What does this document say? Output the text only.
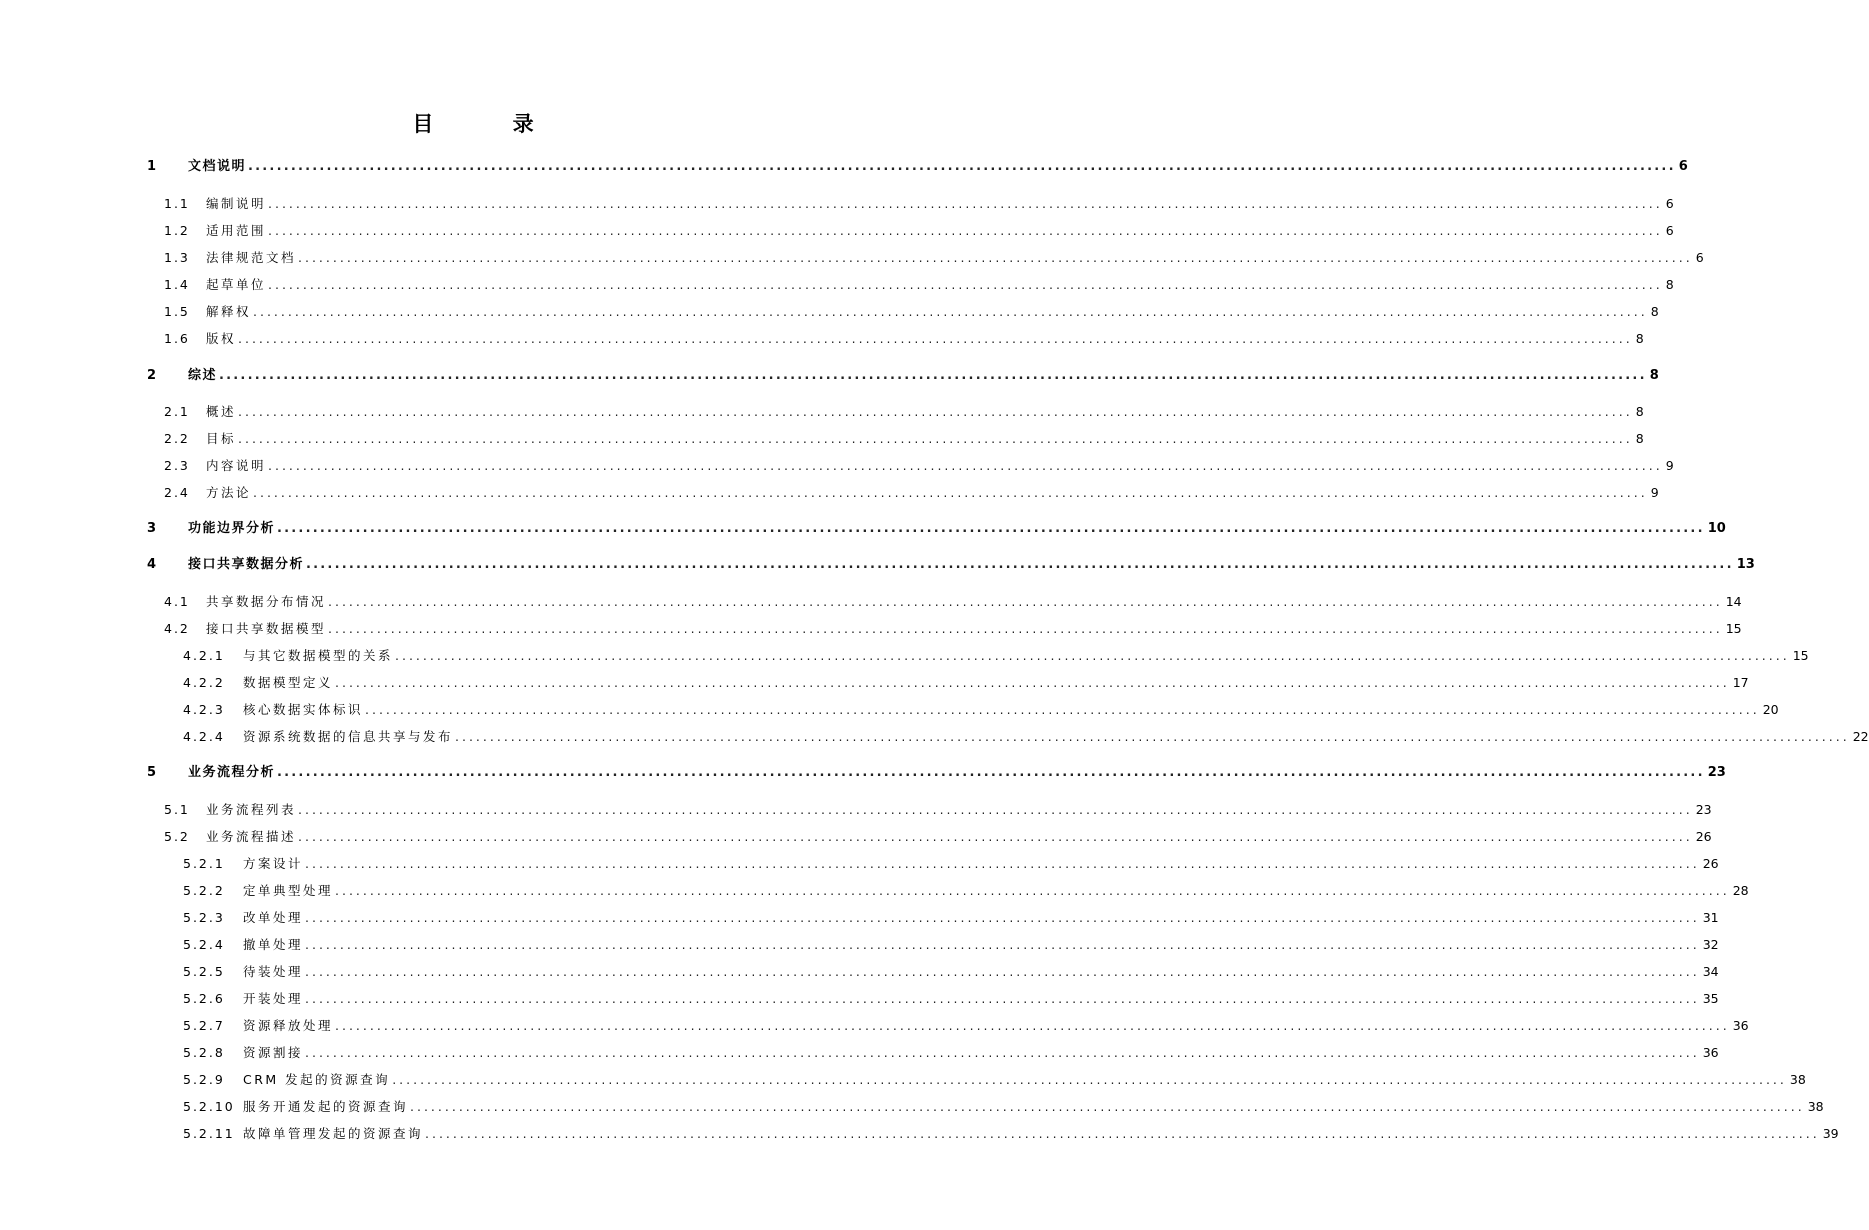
目 录
1	文档说明 ........................................................................................................................................................................................................ 6
1.1	编制说明 ........................................................................................................................................................................................................ 6
1.2	适用范围 ........................................................................................................................................................................................................ 6
1.3	法律规范文档 ........................................................................................................................................................................................................ 6
1.4	起草单位 ........................................................................................................................................................................................................ 8
1.5	解释权 ........................................................................................................................................................................................................ 8
1.6	版权 ........................................................................................................................................................................................................ 8
2	综述 ........................................................................................................................................................................................................ 8
2.1	概述 ........................................................................................................................................................................................................ 8
2.2	目标 ........................................................................................................................................................................................................ 8
2.3	内容说明 ........................................................................................................................................................................................................ 9
2.4	方法论 ........................................................................................................................................................................................................ 9
3	功能边界分析 ........................................................................................................................................................................................................ 10
4	接口共享数据分析 ........................................................................................................................................................................................................ 13
4.1	共享数据分布情况 ........................................................................................................................................................................................................ 14
4.2	接口共享数据模型 ........................................................................................................................................................................................................ 15
4.2.1	与其它数据模型的关系 ........................................................................................................................................................................................................ 15
4.2.2	数据模型定义 ........................................................................................................................................................................................................ 17
4.2.3	核心数据实体标识 ........................................................................................................................................................................................................ 20
4.2.4	资源系统数据的信息共享与发布 ........................................................................................................................................................................................................ 22
5	业务流程分析 ........................................................................................................................................................................................................ 23
5.1	业务流程列表 ........................................................................................................................................................................................................ 23
5.2	业务流程描述 ........................................................................................................................................................................................................ 26
5.2.1	方案设计 ........................................................................................................................................................................................................ 26
5.2.2	定单典型处理 ........................................................................................................................................................................................................ 28
5.2.3	改单处理 ........................................................................................................................................................................................................ 31
5.2.4	撤单处理 ........................................................................................................................................................................................................ 32
5.2.5	待装处理 ........................................................................................................................................................................................................ 34
5.2.6	开装处理 ........................................................................................................................................................................................................ 35
5.2.7	资源释放处理 ........................................................................................................................................................................................................ 36
5.2.8	资源割接 ........................................................................................................................................................................................................ 36
5.2.9	CRM 发起的资源查询 ........................................................................................................................................................................................................ 38
5.2.10 服务开通发起的资源查询 ........................................................................................................................................................................................................ 38
5.2.11 故障单管理发起的资源查询 ........................................................................................................................................................................................................ 39
